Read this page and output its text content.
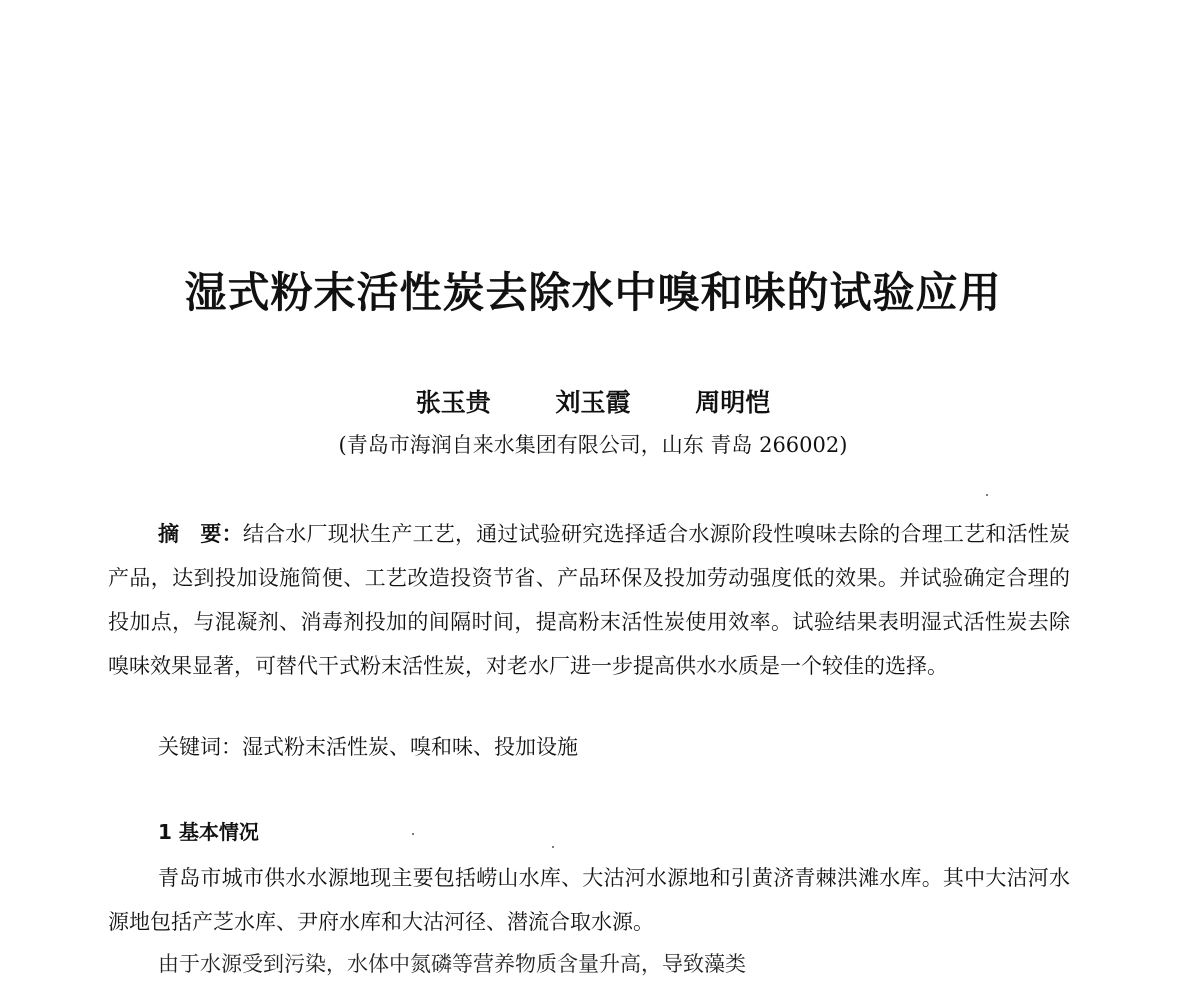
湿式粉末活性炭去除水中嗅和味的试验应用
张玉贵	刘玉霞	周明恺
(青岛市海润自来水集团有限公司，山东 青岛 266002)

摘　要：结合水厂现状生产工艺，通过试验研究选择适合水源阶段性嗅味去除的合理工艺和活性炭产品，达到投加设施简便、工艺改造投资节省、产品环保及投加劳动强度低的效果。并试验确定合理的投加点，与混凝剂、消毒剂投加的间隔时间，提高粉末活性炭使用效率。试验结果表明湿式活性炭去除嗅味效果显著，可替代干式粉末活性炭，对老水厂进一步提高供水水质是一个较佳的选择。

关键词：湿式粉末活性炭、嗅和味、投加设施
1 基本情况

青岛市城市供水水源地现主要包括崂山水库、大沽河水源地和引黄济青棘洪滩水库。其中大沽河水源地包括产芝水库、尹府水库和大沽河径、潜流合取水源。

由于水源受到污染，水体中氮磷等营养物质含量升高，导致藻类
